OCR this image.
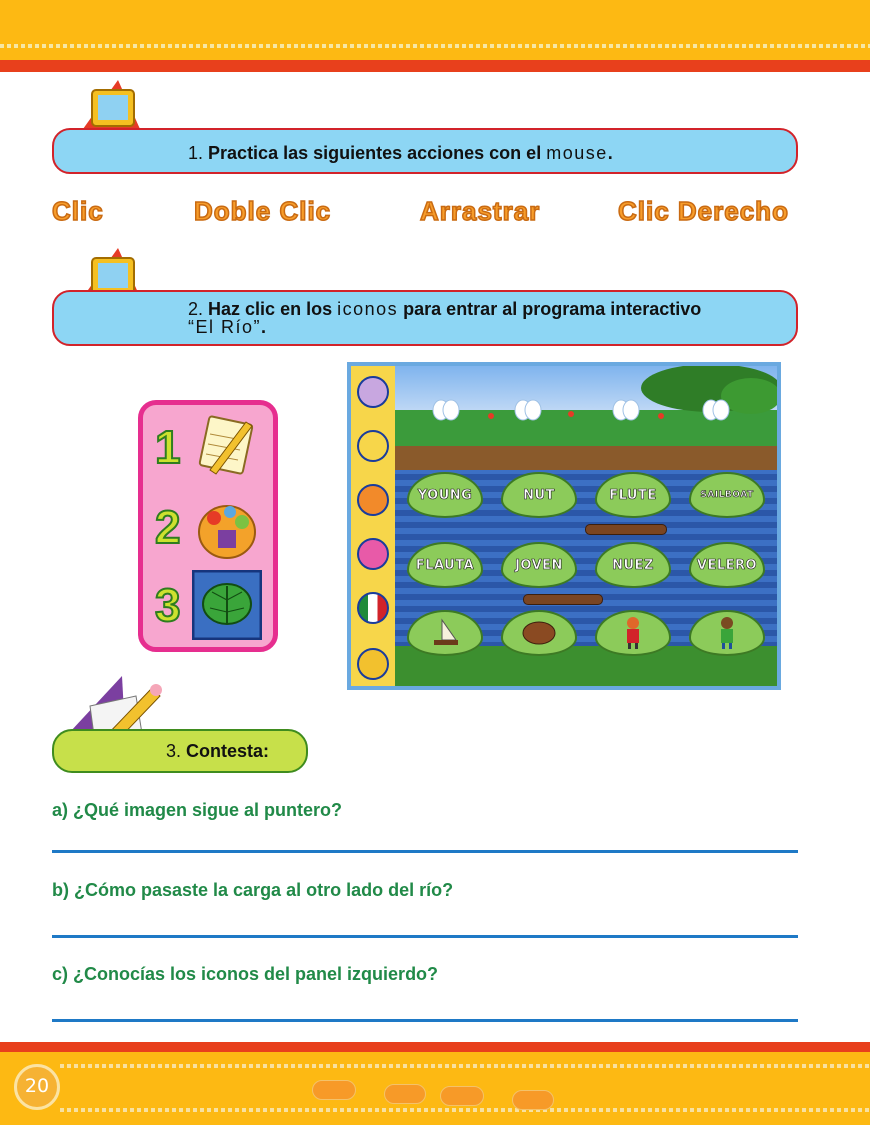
1. Practica las siguientes acciones con el mouse.
Clic	Doble Clic	Arrastrar	Clic Derecho
2. Haz clic en los iconos para entrar al programa interactivo
“El Río”.
1
2
3
YOUNG	NUT	FLUTE	SAILBOAT
FLAUTA	JOVEN	NUEZ	VELERO
3. Contesta:
a) ¿Qué imagen sigue al puntero?
b) ¿Cómo pasaste la carga al otro lado del río?
c) ¿Conocías los iconos del panel izquierdo?
20
